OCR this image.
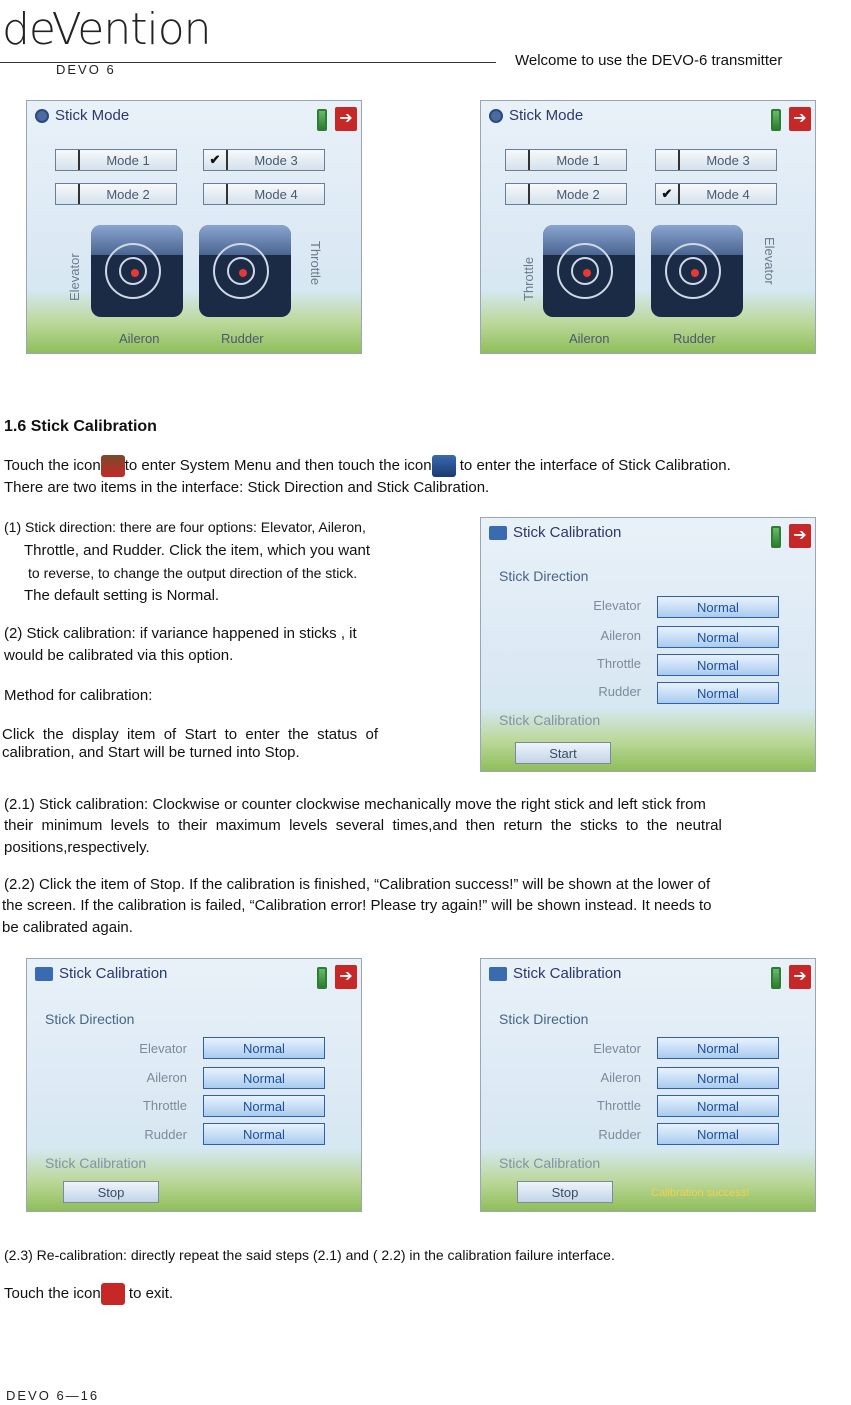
deVention
DEVO 6
Welcome to use the DEVO-6 transmitter
Stick Mode	➔
Mode 1	✔	Mode 3
Mode 2	Mode 4
Elevator	Throttle
Aileron	Rudder
Stick Mode	➔
Mode 1	Mode 3
Mode 2	✔	Mode 4
Throttle	Elevator
Aileron	Rudder
1.6 Stick Calibration
Touch the icon to enter System Menu and then touch the icon to enter the interface of Stick Calibration.
There are two items in the interface: Stick Direction and Stick Calibration.
(1) Stick direction: there are four options: Elevator, Aileron,
Throttle, and Rudder. Click the item, which you want
to reverse, to change the output direction of the stick.
The default setting is Normal.
(2) Stick calibration: if variance happened in sticks , it
would be calibrated via this option.
Method for calibration:
Click  the  display  item  of  Start  to  enter  the  status  of
calibration, and Start will be turned into Stop.
Stick Calibration	➔
Stick Direction
Elevator	Normal
Aileron	Normal
Throttle	Normal
Rudder	Normal
Stick Calibration
Start
(2.1) Stick calibration: Clockwise or counter clockwise mechanically move the right stick and left stick from
their  minimum  levels  to  their  maximum  levels  several  times,and  then  return  the  sticks  to  the  neutral
positions,respectively.
(2.2) Click the item of Stop. If the calibration is finished, “Calibration success!” will be shown at the lower of
the screen. If the calibration is failed, “Calibration error! Please try again!” will be shown instead. It needs to
be calibrated again.
Stick Calibration	➔
Stick Direction
Elevator	Normal
Aileron	Normal
Throttle	Normal
Rudder	Normal
Stick Calibration
Stop
Stick Calibration	➔
Stick Direction
Elevator	Normal
Aileron	Normal
Throttle	Normal
Rudder	Normal
Stick Calibration
Stop	Calibration success!
(2.3) Re-calibration: directly repeat the said steps (2.1) and ( 2.2) in the calibration failure interface.
Touch the icon to exit.
DEVO 6—16
